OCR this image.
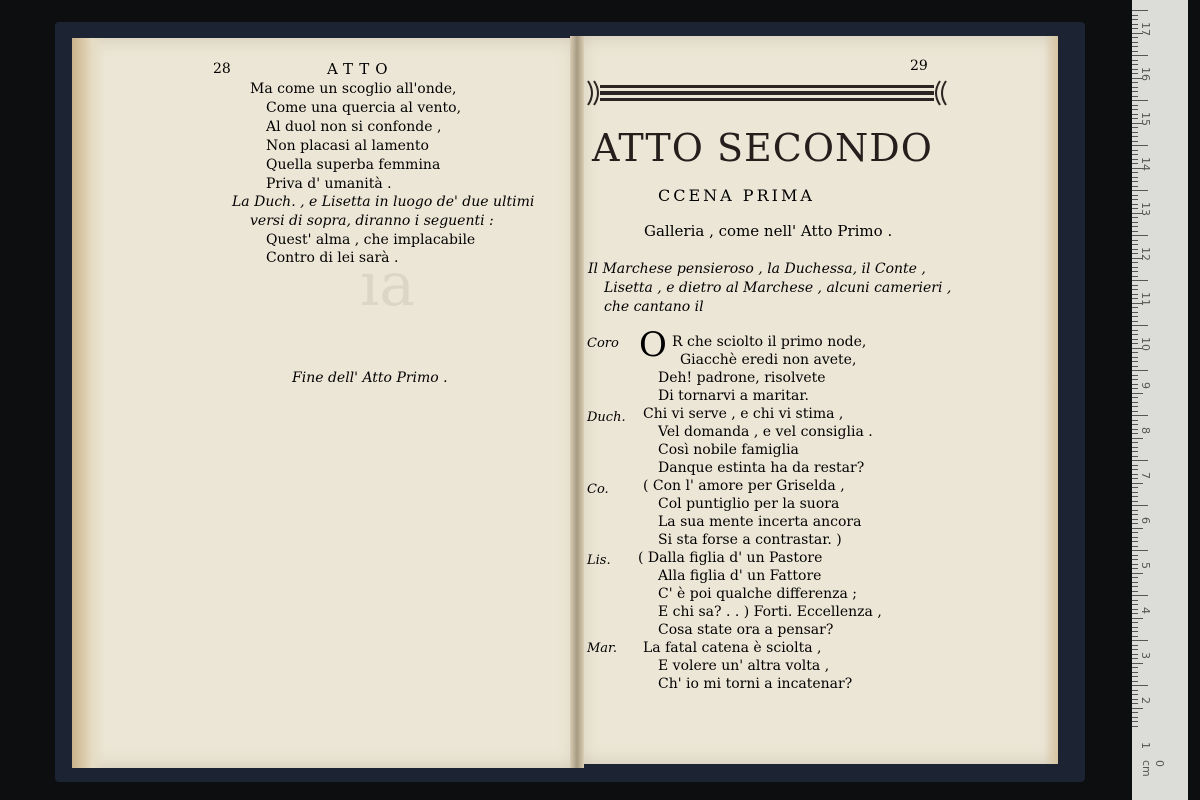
ıa
28	ATTO
Ma come un scoglio all'onde,
Come una quercia al vento,
Al duol non si confonde ,
Non placasi al lamento
Quella superba femmina
Priva d' umanità .
La Duch. , e Lisetta in luogo de' due ultimi
versi di sopra, diranno i seguenti :
Quest' alma , che implacabile
Contro di lei sarà .
Fine dell' Atto Primo .
29
ATTO SECONDO
CCENA PRIMA
Galleria , come nell' Atto Primo .
Il Marchese pensieroso , la Duchessa, il Conte ,
Lisetta , e dietro al Marchese , alcuni camerieri ,
che cantano il
Coro
Duch.
Co.
Lis.
Mar.
O R che sciolto il primo node,
Giacchè eredi non avete,
Deh! padrone, risolvete
Di tornarvi a maritar.
Chi vi serve , e chi vi stima ,
Vel domanda , e vel consiglia .
Così nobile famiglia
Danque estinta ha da restar?
( Con l' amore per Griselda ,
Col puntiglio per la suora
La sua mente incerta ancora
Si sta forse a contrastar. )
( Dalla figlia d' un Pastore
Alla figlia d' un Fattore
C' è poi qualche differenza ;
E chi sa? . . ) Forti. Eccellenza ,
Cosa state ora a pensar?
La fatal catena è sciolta ,
E volere un' altra volta ,
Ch' io mi torni a incatenar?
17
16
15
14
13
12
11
10
9
8
7
6
5
4
3
2
1
0 cm
